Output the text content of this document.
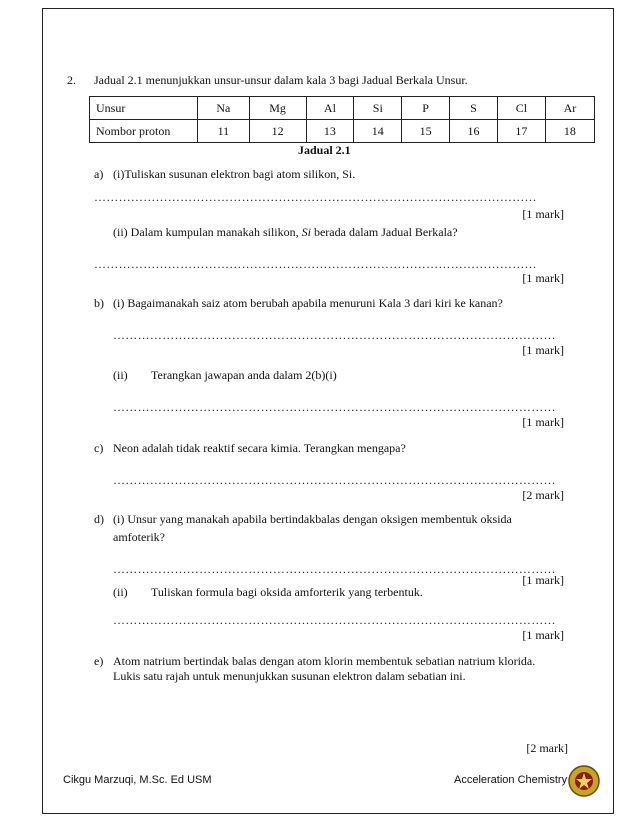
2. Jadual 2.1 menunjukkan unsur-unsur dalam kala 3 bagi Jadual Berkala Unsur.
Unsur	Na	Mg	Al	Si	P	S	Cl	Ar
Nombor proton	11	12	13	14	15	16	17	18
Jadual 2.1
a) (i)Tuliskan susunan elektron bagi atom silikon, Si.
………………………………………………………………………………………………
[1 mark]
(ii) Dalam kumpulan manakah silikon, Si berada dalam Jadual Berkala?
………………………………………………………………………………………………
[1 mark]
b) (i) Bagaimanakah saiz atom berubah apabila menuruni Kala 3 dari kiri ke kanan?
………………………………………………………………………………………………
[1 mark]
(ii) Terangkan jawapan anda dalam 2(b)(i)
………………………………………………………………………………………………
[1 mark]
c) Neon adalah tidak reaktif secara kimia. Terangkan mengapa?
………………………………………………………………………………………………
[2 mark]
d) (i) Unsur yang manakah apabila bertindakbalas dengan oksigen membentuk oksida
amfoterik?
………………………………………………………………………………………………
[1 mark]
(ii) Tuliskan formula bagi oksida amforterik yang terbentuk.
………………………………………………………………………………………………
[1 mark]
e) Atom natrium bertindak balas dengan atom klorin membentuk sebatian natrium klorida.
Lukis satu rajah untuk menunjukkan susunan elektron dalam sebatian ini.
[2 mark]
Cikgu Marzuqi, M.Sc. Ed USM	Acceleration Chemistry
